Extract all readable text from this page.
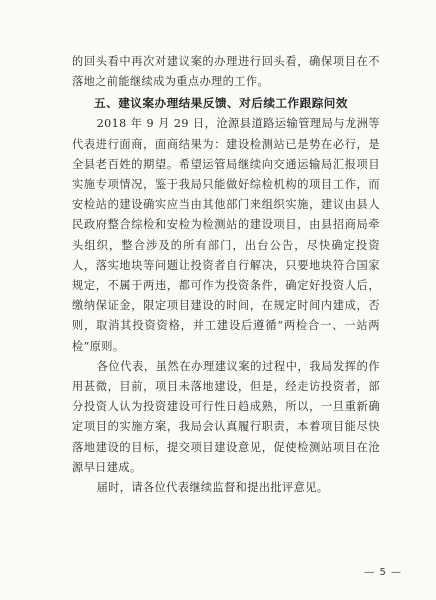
的回头看中再次对建议案的办理进行回头看，确保项目在不落地之前能继续成为重点办理的工作。

五、建议案办理结果反馈、对后续工作跟踪问效

2018 年 9 月 29 日，沧源县道路运输管理局与龙洲等代表进行面商，面商结果为：建设检测站已是势在必行，是全县老百姓的期望。希望运管局继续向交通运输局汇报项目实施专项情况，鉴于我局只能做好综检机构的项目工作，而安检站的建设确实应当由其他部门来组织实施，建议由县人民政府整合综检和安检为检测站的建设项目，由县招商局牵头组织，整合涉及的所有部门，出台公告，尽快确定投资人，落实地块等问题让投资者自行解决，只要地块符合国家规定，不属于两违，都可作为投资条件，确定好投资人后，缴纳保证金，限定项目建设的时间，在规定时间内建成，否则，取消其投资资格，并工建设后遵循“两检合一、一站两检”原则。

各位代表，虽然在办理建议案的过程中，我局发挥的作用甚微，目前，项目未落地建设，但是，经走访投资者，部分投资人认为投资建设可行性日趋成熟，所以，一旦重新确定项目的实施方案，我局会认真履行职责，本着项目能尽快落地建设的目标，提交项目建设意见，促使检测站项目在沧源早日建成。

届时，请各位代表继续监督和提出批评意见。

— 5 —
